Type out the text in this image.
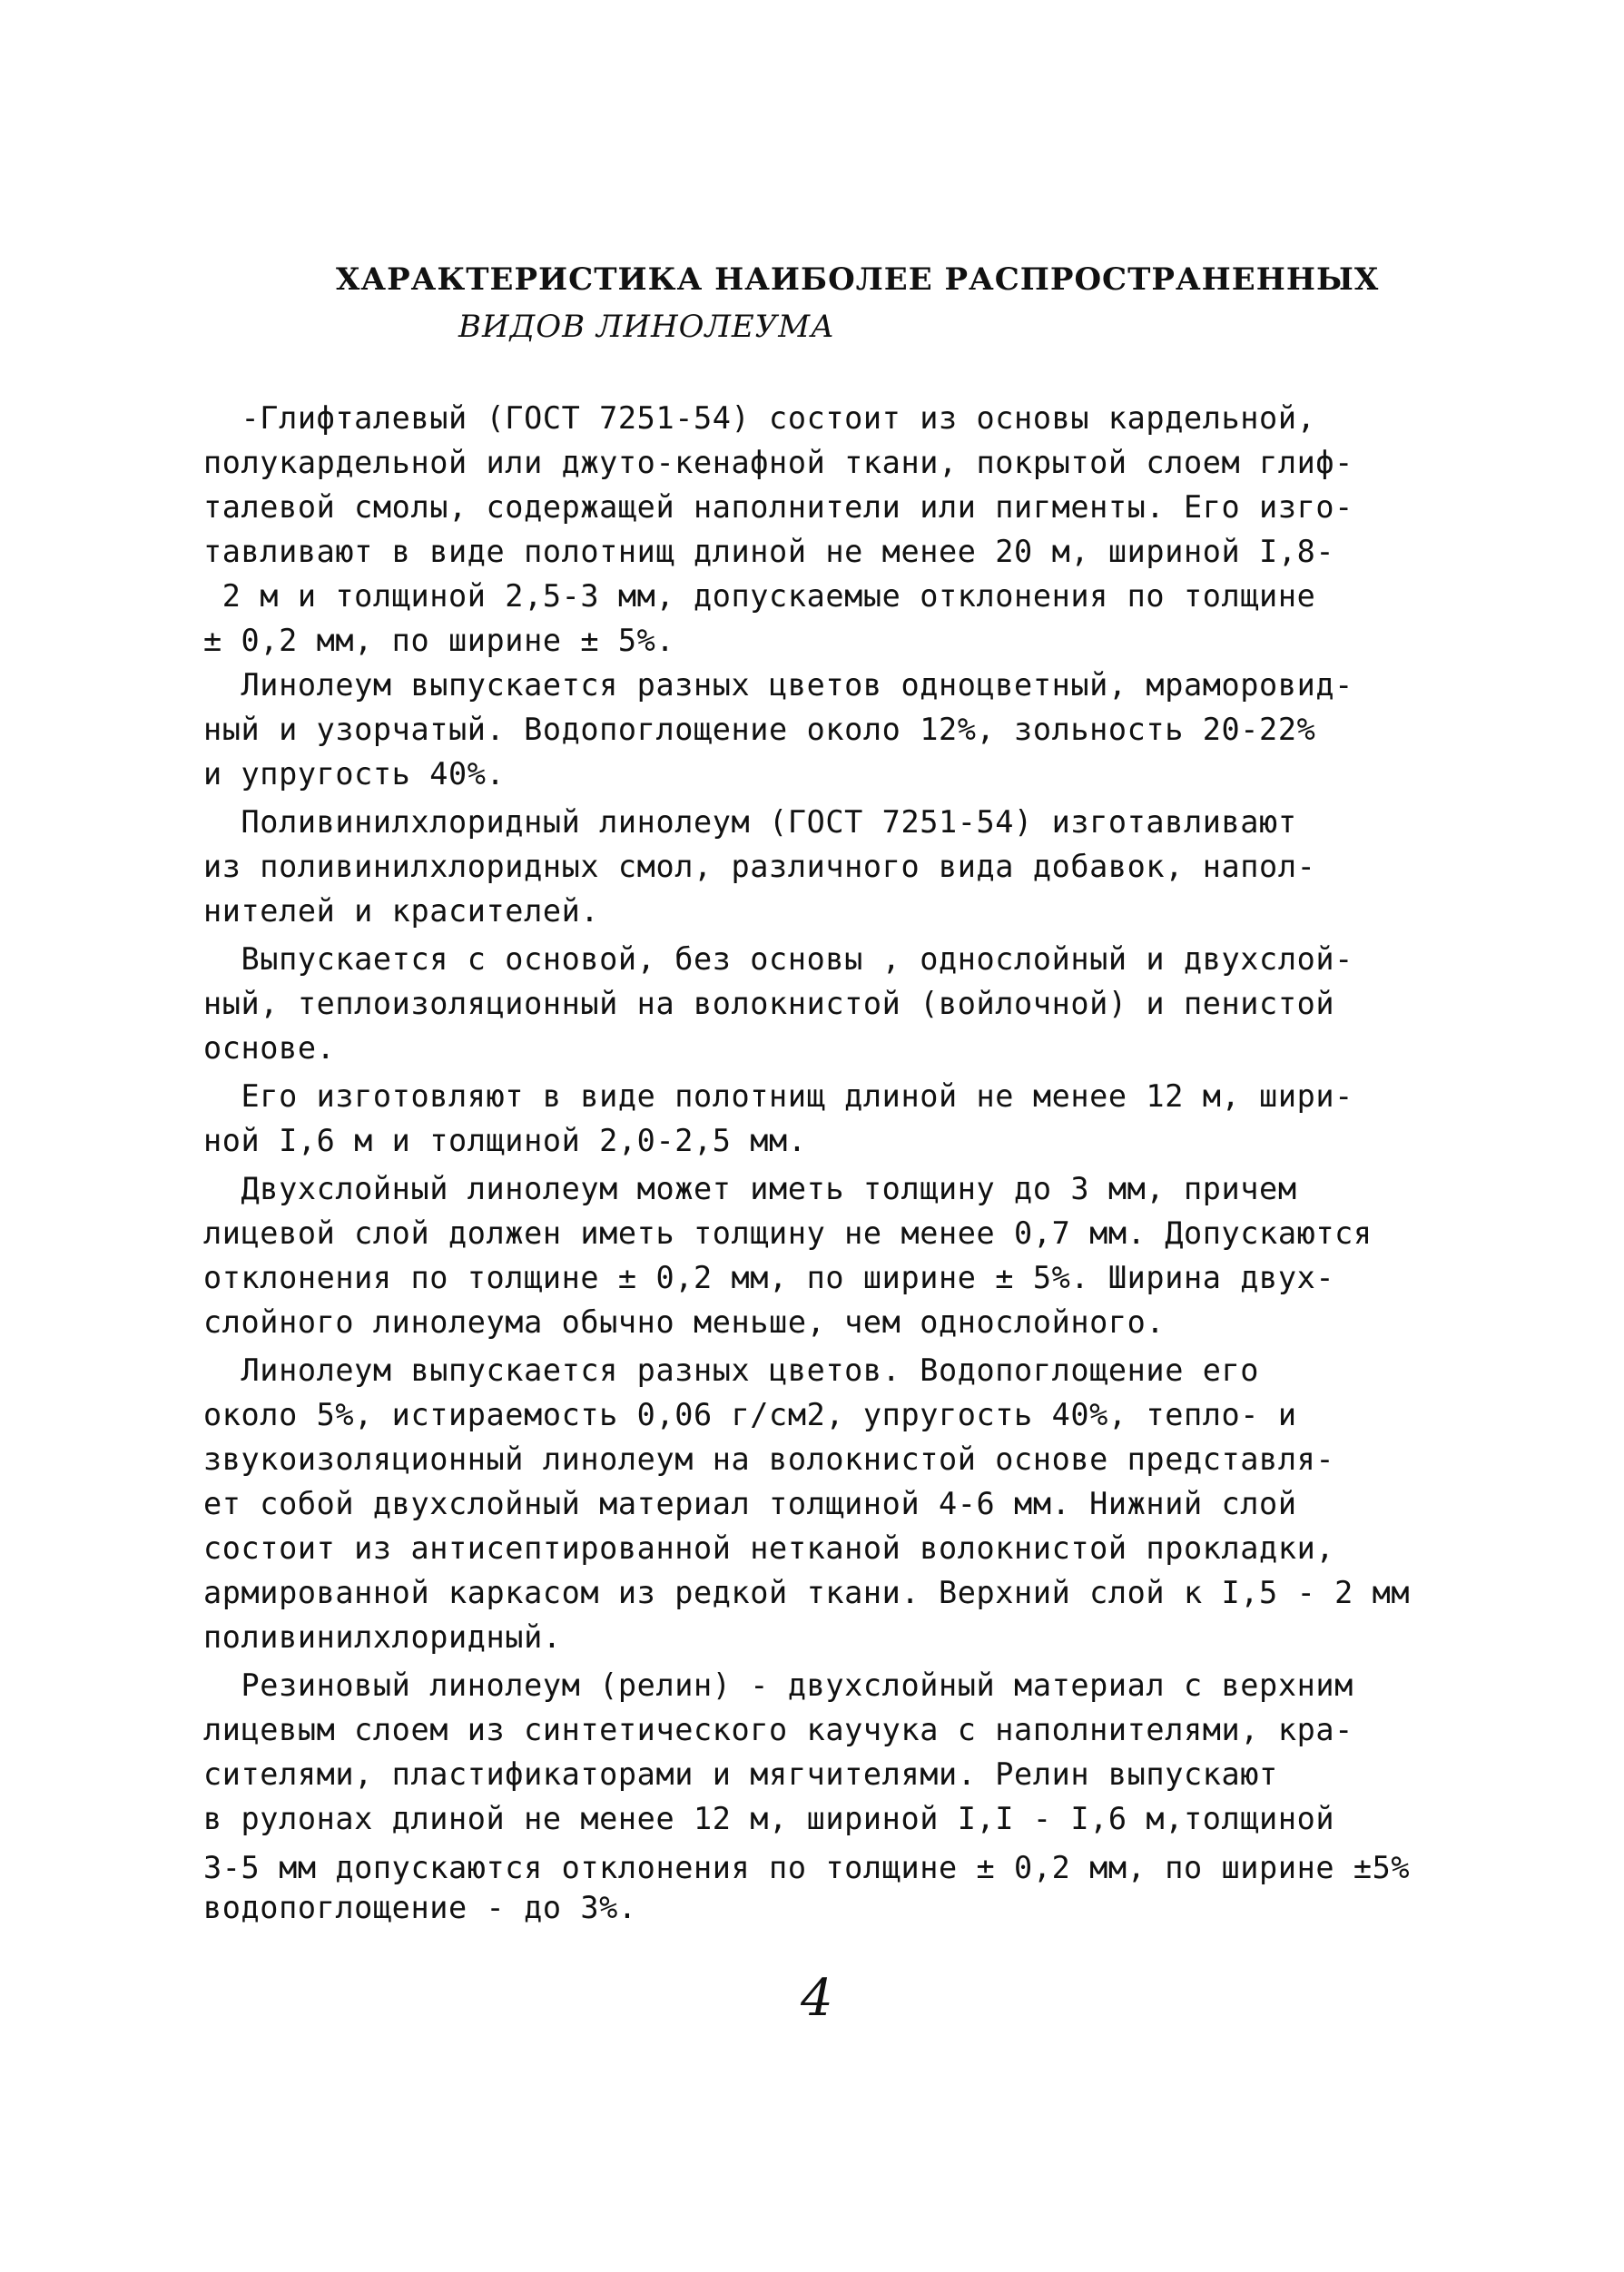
ХАРАКТЕРИСТИКА НАИБОЛЕЕ РАСПРОСТРАНЕННЫХ
ВИДОВ ЛИНОЛЕУМА
-Глифталевый (ГОСТ 7251-54) состоит из основы кардельной,
полукардельной или джуто-кенафной ткани, покрытой слоем глиф-
талевой смолы, содержащей наполнители или пигменты. Его изго-
тавливают в виде полотнищ длиной не менее 20 м, шириной I,8-
2 м и толщиной 2,5-3 мм, допускаемые отклонения по толщине
± 0,2 мм, по ширине ± 5%.
Линолеум выпускается разных цветов одноцветный, мраморовид-
ный и узорчатый. Водопоглощение около 12%, зольность 20-22%
и упругость 40%.
Поливинилхлоридный линолеум (ГОСТ 7251-54) изготавливают
из поливинилхлоридных смол, различного вида добавок, напол-
нителей и красителей.
Выпускается с основой, без основы , однослойный и двухслой-
ный, теплоизоляционный на волокнистой (войлочной) и пенистой
основе.
Его изготовляют в виде полотнищ длиной не менее 12 м, шири-
ной I,6 м и толщиной 2,0-2,5 мм.
Двухслойный линолеум может иметь толщину до 3 мм, причем
лицевой слой должен иметь толщину не менее 0,7 мм. Допускаются
отклонения по толщине ± 0,2 мм, по ширине ± 5%. Ширина двух-
слойного линолеума обычно меньше, чем однослойного.
Линолеум выпускается разных цветов. Водопоглощение его
около 5%, истираемость 0,06 г/см2, упругость 40%, тепло- и
звукоизоляционный линолеум на волокнистой основе представля-
ет собой двухслойный материал толщиной 4-6 мм. Нижний слой
состоит из антисептированной нетканой волокнистой прокладки,
армированной каркасом из редкой ткани. Верхний слой к I,5 - 2 мм
поливинилхлоридный.
Резиновый линолеум (релин) - двухслойный материал с верхним
лицевым слоем из синтетического каучука с наполнителями, кра-
сителями, пластификаторами и мягчителями. Релин выпускают
в рулонах длиной не менее 12 м, шириной I,I - I,6 м,толщиной
3-5 мм допускаются отклонения по толщине ± 0,2 мм, по ширине ±5%
водопоглощение - до 3%.
4
